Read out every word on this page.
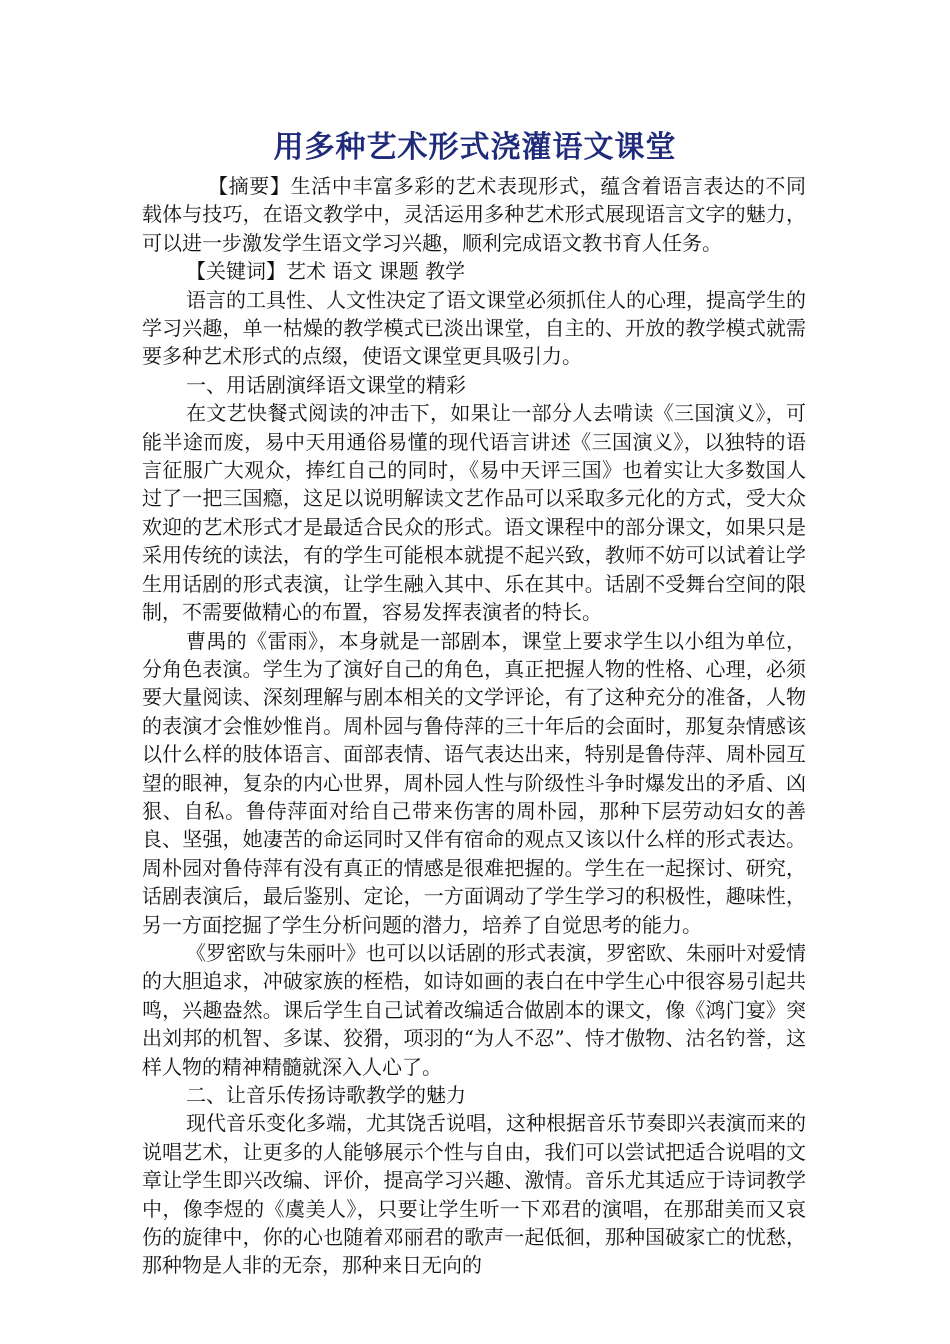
用多种艺术形式浇灌语文课堂

【摘要】生活中丰富多彩的艺术表现形式，蕴含着语言表达的不同载体与技巧，在语文教学中，灵活运用多种艺术形式展现语言文字的魅力，可以进一步激发学生语文学习兴趣，顺利完成语文教书育人任务。

【关键词】艺术 语文 课题 教学

语言的工具性、人文性决定了语文课堂必须抓住人的心理，提高学生的学习兴趣，单一枯燥的教学模式已淡出课堂，自主的、开放的教学模式就需要多种艺术形式的点缀，使语文课堂更具吸引力。

一、用话剧演绎语文课堂的精彩

在文艺快餐式阅读的冲击下，如果让一部分人去啃读《三国演义》，可能半途而废，易中天用通俗易懂的现代语言讲述《三国演义》，以独特的语言征服广大观众，捧红自己的同时，《易中天评三国》也着实让大多数国人过了一把三国瘾，这足以说明解读文艺作品可以采取多元化的方式，受大众欢迎的艺术形式才是最适合民众的形式。语文课程中的部分课文，如果只是采用传统的读法，有的学生可能根本就提不起兴致，教师不妨可以试着让学生用话剧的形式表演，让学生融入其中、乐在其中。话剧不受舞台空间的限制，不需要做精心的布置，容易发挥表演者的特长。

曹禺的《雷雨》，本身就是一部剧本，课堂上要求学生以小组为单位，分角色表演。学生为了演好自己的角色，真正把握人物的性格、心理，必须要大量阅读、深刻理解与剧本相关的文学评论，有了这种充分的准备，人物的表演才会惟妙惟肖。周朴园与鲁侍萍的三十年后的会面时，那复杂情感该以什么样的肢体语言、面部表情、语气表达出来，特别是鲁侍萍、周朴园互望的眼神，复杂的内心世界，周朴园人性与阶级性斗争时爆发出的矛盾、凶狠、自私。鲁侍萍面对给自己带来伤害的周朴园，那种下层劳动妇女的善良、坚强，她凄苦的命运同时又伴有宿命的观点又该以什么样的形式表达。周朴园对鲁侍萍有没有真正的情感是很难把握的。学生在一起探讨、研究，话剧表演后，最后鉴别、定论，一方面调动了学生学习的积极性，趣味性，另一方面挖掘了学生分析问题的潜力，培养了自觉思考的能力。

《罗密欧与朱丽叶》也可以以话剧的形式表演，罗密欧、朱丽叶对爱情的大胆追求，冲破家族的桎梏，如诗如画的表白在中学生心中很容易引起共鸣，兴趣盎然。课后学生自己试着改编适合做剧本的课文，像《鸿门宴》突出刘邦的机智、多谋、狡猾，项羽的“为人不忍”、恃才傲物、沽名钓誉，这样人物的精神精髓就深入人心了。

二、让音乐传扬诗歌教学的魅力

现代音乐变化多端，尤其饶舌说唱，这种根据音乐节奏即兴表演而来的说唱艺术，让更多的人能够展示个性与自由，我们可以尝试把适合说唱的文章让学生即兴改编、评价，提高学习兴趣、激情。音乐尤其适应于诗词教学中，像李煜的《虞美人》，只要让学生听一下邓君的演唱，在那甜美而又哀伤的旋律中，你的心也随着邓丽君的歌声一起低徊，那种国破家亡的忧愁，那种物是人非的无奈，那种来日无向的
